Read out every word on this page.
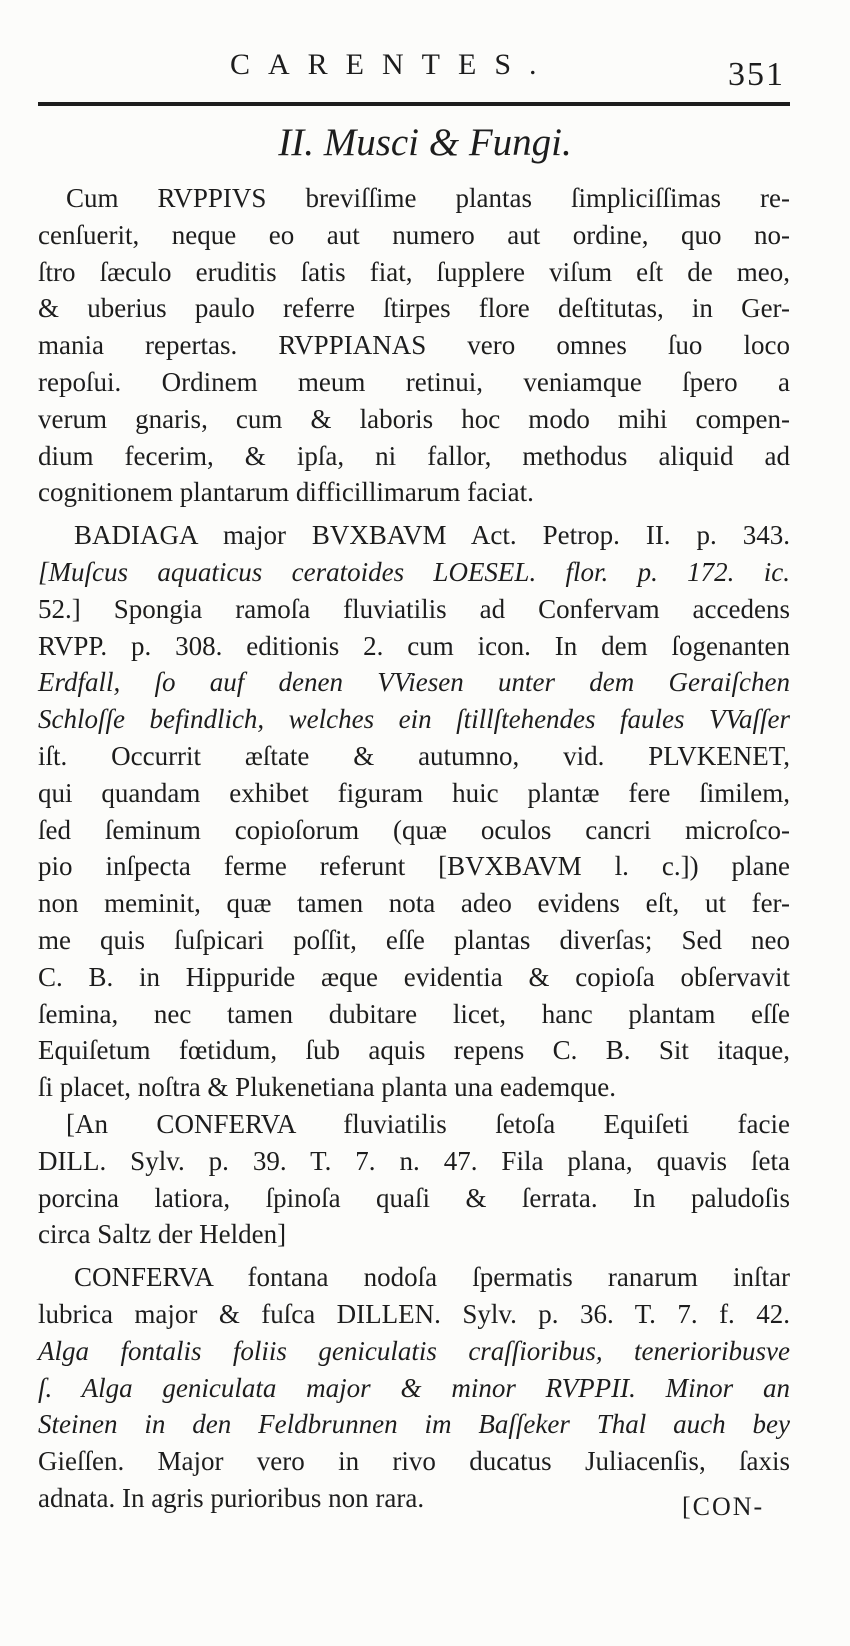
CARENTES.	351
II. Musci & Fungi.
Cum RVPPIVS breviſſime plantas ſimpliciſſimas re-
cenſuerit, neque eo aut numero aut ordine, quo no-
ſtro ſæculo eruditis ſatis fiat, ſupplere viſum eſt de meo,
& uberius paulo referre ſtirpes flore deſtitutas, in Ger-
mania repertas. RVPPIANAS vero omnes ſuo loco
repoſui. Ordinem meum retinui, veniamque ſpero a
verum gnaris, cum & laboris hoc modo mihi compen-
dium fecerim, & ipſa, ni fallor, methodus aliquid ad
cognitionem plantarum difficillimarum faciat.
BADIAGA major BVXBAVM Act. Petrop. II. p. 343.
[Muſcus aquaticus ceratoides LOESEL. flor. p. 172. ic.
52.] Spongia ramoſa fluviatilis ad Confervam accedens
RVPP. p. 308. editionis 2. cum icon. In dem ſogenanten
Erdfall, ſo auf denen VViesen unter dem Geraiſchen
Schloſſe befindlich, welches ein ſtillſtehendes faules VVaſſer
iſt. Occurrit æſtate & autumno, vid. PLVKENET,
qui quandam exhibet figuram huic plantæ fere ſimilem,
ſed ſeminum copioſorum (quæ oculos cancri microſco-
pio inſpecta ferme referunt [BVXBAVM l. c.]) plane
non meminit, quæ tamen nota adeo evidens eſt, ut fer-
me quis ſuſpicari poſſit, eſſe plantas diverſas; Sed neo
C. B. in Hippuride æque evidentia & copioſa obſervavit
ſemina, nec tamen dubitare licet, hanc plantam eſſe
Equiſetum fœtidum, ſub aquis repens C. B. Sit itaque,
ſi placet, noſtra & Plukenetiana planta una eademque.
[An CONFERVA fluviatilis ſetoſa Equiſeti facie
DILL. Sylv. p. 39. T. 7. n. 47. Fila plana, quavis ſeta
porcina latiora, ſpinoſa quaſi & ſerrata. In paludoſis
circa Saltz der Helden]
CONFERVA fontana nodoſa ſpermatis ranarum inſtar
lubrica major & fuſca DILLEN. Sylv. p. 36. T. 7. f. 42.
Alga fontalis foliis geniculatis craſſioribus, tenerioribusve
ſ. Alga geniculata major & minor RVPPII. Minor an
Steinen in den Feldbrunnen im Baſſeker Thal auch bey
Gieſſen. Major vero in rivo ducatus Juliacenſis, ſaxis
adnata. In agris purioribus non rara.	[CON-
